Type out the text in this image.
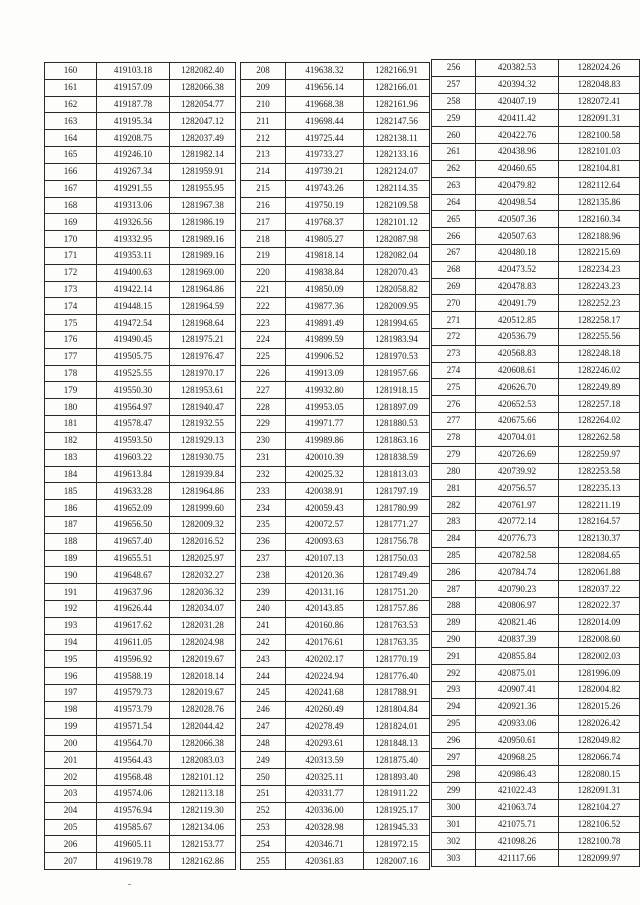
160	419103.18	1282082.40
161	419157.09	1282066.38
162	419187.78	1282054.77
163	419195.34	1282047.12
164	419208.75	1282037.49
165	419246.10	1281982.14
166	419267.34	1281959.91
167	419291.55	1281955.95
168	419313.06	1281967.38
169	419326.56	1281986.19
170	419332.95	1281989.16
171	419353.11	1281989.16
172	419400.63	1281969.00
173	419422.14	1281964.86
174	419448.15	1281964.59
175	419472.54	1281968.64
176	419490.45	1281975.21
177	419505.75	1281976.47
178	419525.55	1281970.17
179	419550.30	1281953.61
180	419564.97	1281940.47
181	419578.47	1281932.55
182	419593.50	1281929.13
183	419603.22	1281930.75
184	419613.84	1281939.84
185	419633.28	1281964.86
186	419652.09	1281999.60
187	419656.50	1282009.32
188	419657.40	1282016.52
189	419655.51	1282025.97
190	419648.67	1282032.27
191	419637.96	1282036.32
192	419626.44	1282034.07
193	419617.62	1282031.28
194	419611.05	1282024.98
195	419596.92	1282019.67
196	419588.19	1282018.14
197	419579.73	1282019.67
198	419573.79	1282028.76
199	419571.54	1282044.42
200	419564.70	1282066.38
201	419564.43	1282083.03
202	419568.48	1282101.12
203	419574.06	1282113.18
204	419576.94	1282119.30
205	419585.67	1282134.06
206	419605.11	1282153.77
207	419619.78	1282162.86
208	419638.32	1282166.91
209	419656.14	1282166.01
210	419668.38	1282161.96
211	419698.44	1282147.56
212	419725.44	1282138.11
213	419733.27	1282133.16
214	419739.21	1282124.07
215	419743.26	1282114.35
216	419750.19	1282109.58
217	419768.37	1282101.12
218	419805.27	1282087.98
219	419818.14	1282082.04
220	419838.84	1282070.43
221	419850.09	1282058.82
222	419877.36	1282009.95
223	419891.49	1281994.65
224	419899.59	1281983.94
225	419906.52	1281970.53
226	419913.09	1281957.66
227	419932.80	1281918.15
228	419953.05	1281897.09
229	419971.77	1281880.53
230	419989.86	1281863.16
231	420010.39	1281838.59
232	420025.32	1281813.03
233	420038.91	1281797.19
234	420059.43	1281780.99
235	420072.57	1281771.27
236	420093.63	1281756.78
237	420107.13	1281750.03
238	420120.36	1281749.49
239	420131.16	1281751.20
240	420143.85	1281757.86
241	420160.86	1281763.53
242	420176.61	1281763.35
243	420202.17	1281770.19
244	420224.94	1281776.40
245	420241.68	1281788.91
246	420260.49	1281804.84
247	420278.49	1281824.01
248	420293.61	1281848.13
249	420313.59	1281875.40
250	420325.11	1281893.40
251	420331.77	1281911.22
252	420336.00	1281925.17
253	420328.98	1281945.33
254	420346.71	1281972.15
255	420361.83	1282007.16
256	420382.53	1282024.26
257	420394.32	1282048.83
258	420407.19	1282072.41
259	420411.42	1282091.31
260	420422.76	1282100.58
261	420438.96	1282101.03
262	420460.65	1282104.81
263	420479.82	1282112.64
264	420498.54	1282135.86
265	420507.36	1282160.34
266	420507.63	1282188.96
267	420480.18	1282215.69
268	420473.52	1282234.23
269	420478.83	1282243.23
270	420491.79	1282252.23
271	420512.85	1282258.17
272	420536.79	1282255.56
273	420568.83	1282248.18
274	420608.61	1282246.02
275	420626.70	1282249.89
276	420652.53	1282257.18
277	420675.66	1282264.02
278	420704.01	1282262.58
279	420726.69	1282259.97
280	420739.92	1282253.58
281	420756.57	1282235.13
282	420761.97	1282211.19
283	420772.14	1282164.57
284	420776.73	1282130.37
285	420782.58	1282084.65
286	420784.74	1282061.88
287	420790.23	1282037.22
288	420806.97	1282022.37
289	420821.46	1282014.09
290	420837.39	1282008.60
291	420855.84	1282002.03
292	420875.01	1281996.09
293	420907.41	1282004.82
294	420921.36	1282015.26
295	420933.06	1282026.42
296	420950.61	1282049.82
297	420968.25	1282066.74
298	420986.43	1282080.15
299	421022.43	1282091.31
300	421063.74	1282104.27
301	421075.71	1282106.52
302	421098.26	1282100.78
303	421117.66	1282099.97
